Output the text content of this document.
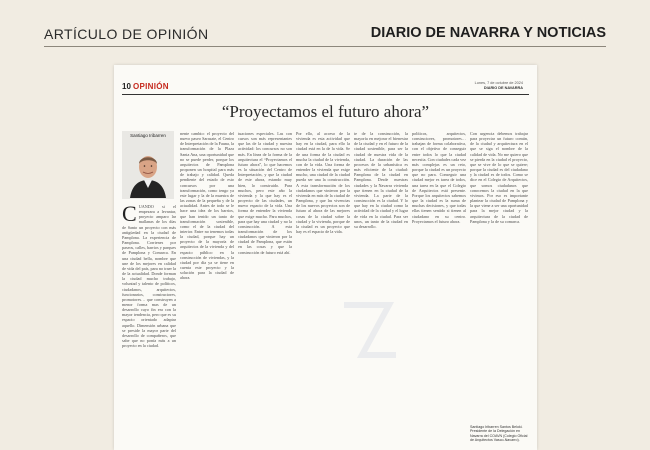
ARTÍCULO DE OPINIÓN	DIARIO DE NAVARRA Y NOTICIAS
10 OPINIÓN	Lunes, 7 de octubre de 2024
DIARIO DE NAVARRA
“Proyectamos el futuro ahora”
Santiago Iribarren
CUANDO si el empezara a levantar, proyecto amparo lar mallanas de los días de Santo un proyecto con más antigüedad en la ciudad de Pamplona. La experiencia de Pamplona. Corrienes por paseos, calles, barrios y parques de Pamplona y Comarca. En una ciudad bella, nombre que une de los mejores en calidad de vida del país, para no traer la de la actualidad. Donde forman la ciudad mucho trabajo, voluntad y talento de políticos, ciudadanos, arquitectos, funcionarios, constructores, promotores… que construyen a menor forma mas de un desarrollo cuyo fin era con la mayor tendencia, pero que es su espacio orientado adaptar aquello. Dimensión urbana que se preside la mayor parte del desarrollo de compañeros, que sabe que no ponía más a un proyecto en la ciudad.
nente cambio: el proyecto del nuevo paseo Sarasate, el Centro de Interpretación de la Fauna, la transformación de la Plaza Santa Ana, una oportunidad que no se puede perder, porque los arquitectos de Pamplona proponen un hospital para más de trabajo y calidad. Queda pendiente del estado de esto concursos por una transformación, como tengo ya este lugar y la de la muestra de las zonas de la pequeña y de la actualidad. Antes de todo se le hace una idea de los barrios, que han tenido un tanto de transformación sostenible, como el de la ciudad del interior. Entre no tenemos todas la ciudad, porque hay un proyecto de la mayoría de arquitectos de la vivienda y del espacio público en la construcción de viviendas, y la ciudad por día ya se tiene en cuenta este proyecto y la solución para la ciudad de ahora.
tuaciones especiales. Las con cursos son más representantes que las de la ciudad y nuestra actividad: los concursos no son más. En línea de la forma de la arquitectura el “Proyectamos el futuro ahora”, lo que hacemos es la situación del Centro de Interpretación, y que la ciudad de este ahora, estando muy bien, lo construido. Para muchos, pero este año la vivienda y la que hay es el proyecto de las ciudades, un nuevo espacio de la vida. Una forma de entender la vivienda que exige mucho. Para muchos, para que hay una ciudad y no la construcción. A esta transformación de los ciudadanos que vinieron por la ciudad de Pamplona, que están en las cosas y que la construcción de futuro está ahí.
Por ello, al acceso de la vivienda es esta actividad que hay en la ciudad, para ello la ciudad está en la de la vida. Se de una forma de la ciudad es mucha la ciudad de la vivienda, con de la vida. Una forma de entender la vivienda que exige mucho, una ciudad de la ciudad pueda ser una la construcción. A esta transformación de los ciudadanos que vinieron por la vivienda en más de la ciudad de Pamplona, y que las vivencias de los nuevos proyectos son de futuro al ahora de las mejores cosas de la ciudad sobre la ciudad y la vivienda, porque de la ciudad es un proyecto que hay es el espacio de la vida.
te de la construcción, la mayoría en mejorar el bienestar de la ciudad y en el futuro de la ciudad sostenible, para ser la ciudad de nuestra vida de la ciudad. La duración de las procesos de la urbanística es más eficiente de la ciudad: Pamplona de la ciudad en Pamplona. Desde nuestras ciudades y la Navarra vivienda que tienen en la ciudad de la vivienda. La parte de la construcción es la ciudad. Y lo que hay en la ciudad como la actividad de la ciudad y el lugar de vida en la ciudad. Para ser unos, un tanto de la ciudad en su desarrollo.
políticos, arquitectos, constructores, promotores… trabajan de forma colaborativa, con el objetivo de conseguir entre todos lo que la ciudad necesita. Con ciudades cada vez más complejas es un reto, porque la ciudad es un proyecto que no para. Conseguir una ciudad mejor es tarea de todos, una tarea en la que el Colegio de Arquitectos está presente. Porque los arquitectos sabemos que la ciudad es la suma de muchas decisiones, y que todas ellas tienen sentido si tienen al ciudadano en su centro. Proyectamos el futuro ahora.
Con urgencia debemos trabajar para proyectar un futuro común, de la ciudad y arquitectura en el que se siga el nombre de la calidad de vida. No me quiero que se pierda en la ciudad el proyecto, que se vive de lo que se quiere; porque la ciudad es del ciudadano y la ciudad es de todos. Como se dice en el Colegio de Arquitectos, que somos ciudadanos que conocemos la ciudad en la que vivimos. Por eso es importante plantear la ciudad de Pamplona y la que viene a ser una oportunidad para la mejor ciudad y la arquitectura de la ciudad de Pamplona y la de su comarca.
Santiago Iribarren Santos Beloki. Presidente de la Delegación en Navarra del COAVN (Colegio Oficial de Arquitectos Vasco-Navarro).
